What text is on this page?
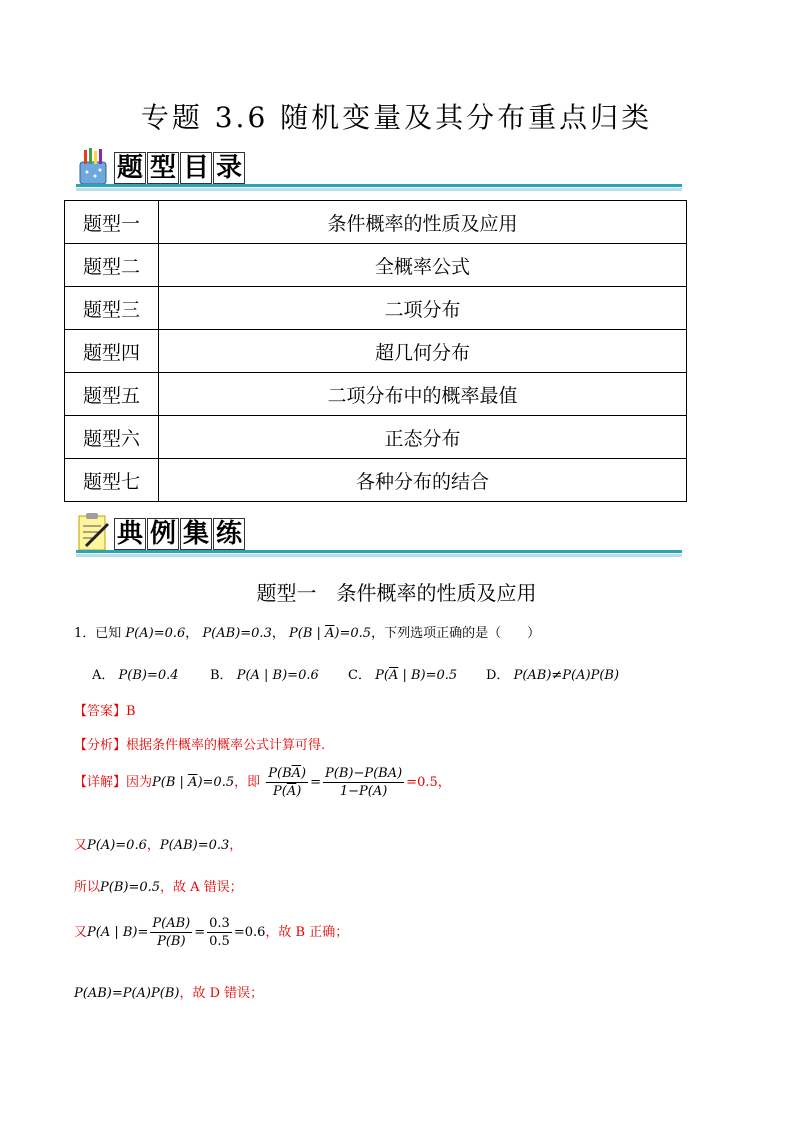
专题 3.6 随机变量及其分布重点归类
题 型 目 录
题型一	条件概率的性质及应用
题型二	全概率公式
题型三	二项分布
题型四	超几何分布
题型五	二项分布中的概率最值
题型六	正态分布
题型七	各种分布的结合
典 例 集 练
题型一　条件概率的性质及应用
1．已知 P(A)=0.6， P(AB)=0.3， P(B | $\overline{A})=0.5$，下列选项正确的是（　　）
A． P(B)=0.4 B． P(A | B)=0.6 C． $P(\overline{A}$ | B)=0.5 D． P(AB)≠P(A)P(B)
【答案】B
【分析】根据条件概率的概率公式计算可得.
【详解】因为P(B | $\overline{A})=0.5$，即 $\frac{P(B\overline{A})}{P(\overline{A})} = \frac{P(B)-P(BA)}{1-P(A)} =0.5$，
又P(A)=0.6，P(AB)=0.3，
所以P(B)=0.5，故 A 错误；
又P(A | $B)= \frac{P(AB)}{P(B)} = \frac{0.3}{0.5} =0.6$，故 B 正确；
P(AB)=P(A)P(B)，故 D 错误；
